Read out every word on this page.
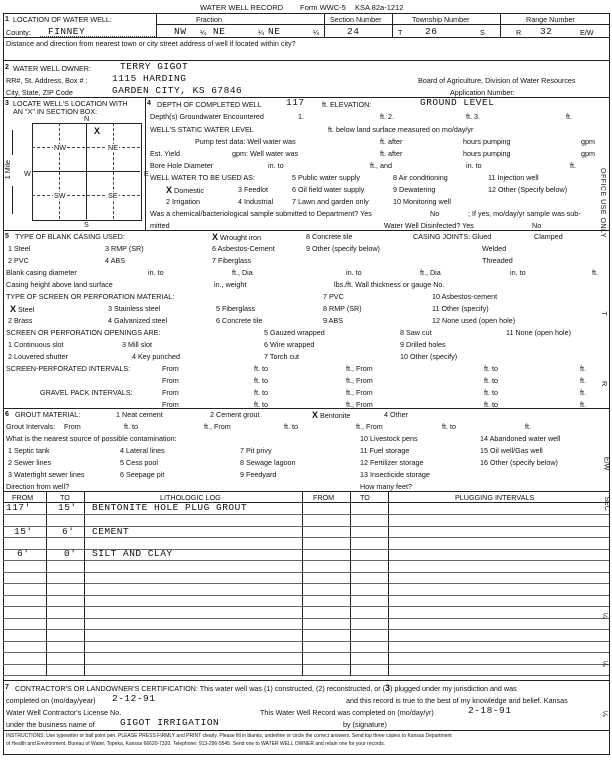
WATER WELL RECORD Form WWC-5 KSA 82a-1212
1 LOCATION OF WATER WELL:
County: FINNEY
Fraction
NW ¼ NE	¼ NE	¼
Section Number
24
Township Number
T 26	S
Range Number
R 32	E/W
Distance and direction from nearest town or city street address of well if located within city?
2 WATER WELL OWNER:	TERRY GIGOT
RR#, St. Address, Box # :	1115 HARDING	Board of Agriculture, Division of Water Resources
City, State, ZIP Code	GARDEN CITY, KS 67846	Application Number:
3 LOCATE WELL'S LOCATION WITH
AN "X" IN SECTION BOX:
N
S
W	E
NW	NE
SW	SE
X
1 Mile
4 DEPTH OF COMPLETED WELL	117 ft. ELEVATION:	GROUND LEVEL
Depth(s) Groundwater Encountered	1.	ft. 2.	ft. 3.	ft.
WELL'S STATIC WATER LEVEL	ft. below land surface measured on mo/day/yr
Pump test data: Well water was	ft. after	hours pumping	gpm
Est. Yield	gpm: Well water was	ft. after	hours pumping	gpm
Bore Hole Diameter	in. to	ft., and	in. to	ft.
WELL WATER TO BE USED AS:	5 Public water supply	8 Air conditioning	11 Injection well
X Domestic	3 Feedlot	6 Oil field water supply	9 Dewatering	12 Other (Specify below)
2 Irrigation	4 Industrial	7 Lawn and garden only	10 Monitoring well
Was a chemical/bacteriological sample submitted to Department? Yes	No	; If yes, mo/day/yr sample was sub-
mitted	Water Well Disinfected? Yes	No
5 TYPE OF BLANK CASING USED:	X Wrought iron	8 Concrete tile	CASING JOINTS: Glued	Clamped
1 Steel	3 RMP (SR)	6 Asbestos-Cement	9 Other (specify below)	Welded
2 PVC	4 ABS	7 Fiberglass	Threaded
Blank casing diameter	in. to	ft., Dia	in. to	ft., Dia	in. to	ft.
Casing height above land surface	in., weight	lbs./ft. Wall thickness or gauge No.
TYPE OF SCREEN OR PERFORATION MATERIAL:	7 PVC	10 Asbestos-cement
X Steel	3 Stainless steel	5 Fiberglass	8 RMP (SR)	11 Other (specify)
2 Brass	4 Galvanized steel	6 Concrete tile	9 ABS	12 None used (open hole)
SCREEN OR PERFORATION OPENINGS ARE:	5 Gauzed wrapped	8 Saw cut	11 None (open hole)
1 Continuous slot	3 Mill slot	6 Wire wrapped	9 Drilled holes
2 Louvered shutter	4 Key punched	7 Torch cut	10 Other (specify)
SCREEN-PERFORATED INTERVALS:
GRAVEL PACK INTERVALS:
From	ft. to	ft., From	ft. to	ft.
From	ft. to	ft., From	ft. to	ft.
From	ft. to	ft., From	ft. to	ft.
From	ft. to	ft., From	ft. to	ft.
6 GROUT MATERIAL:	1 Neat cement	2 Cement grout	X Bentonite	4 Other
Grout Intervals: From	ft. to	ft., From	ft. to	ft., From	ft. to	ft.
What is the nearest source of possible contamination:	10 Livestock pens	14 Abandoned water well
1 Septic tank	4 Lateral lines	7 Pit privy	11 Fuel storage	15 Oil well/Gas well
2 Sewer lines	5 Cess pool	8 Sewage lagoon	12 Fertilizer storage	16 Other (specify below)
3 Watertight sewer lines	6 Seepage pit	9 Feedyard	13 Insecticide storage
Direction from well?	How many feet?
FROM	TO	LITHOLOGIC LOG	FROM	TO	PLUGGING INTERVALS
117'	15' BENTONITE HOLE PLUG GROUT
15'	6' CEMENT
6'	0' SILT AND CLAY
7 CONTRACTOR'S OR LANDOWNER'S CERTIFICATION: This water well was (1) constructed, (2) reconstructed, or (3) plugged under my jurisdiction and was
completed on (mo/day/year) 2-12-91	and this record is true to the best of my knowledge and belief. Kansas
Water Well Contractor's License No.	This Water Well Record was completed on (mo/day/yr)	2-18-91
under the business name of	GIGOT IRRIGATION	by (signature)
INSTRUCTIONS: Use typewriter or ball point pen. PLEASE PRESS FIRMLY and PRINT clearly. Please fill in blanks, underline or circle the correct answers. Send top three copies to Kansas Department
of Health and Environment, Bureau of Water, Topeka, Kansas 66620-7320. Telephone: 913-296-5545. Send one to WATER WELL OWNER and retain one for your records.
OFFICE USE ONLY
T
R
E/W
SEC
¼
¼
¼
